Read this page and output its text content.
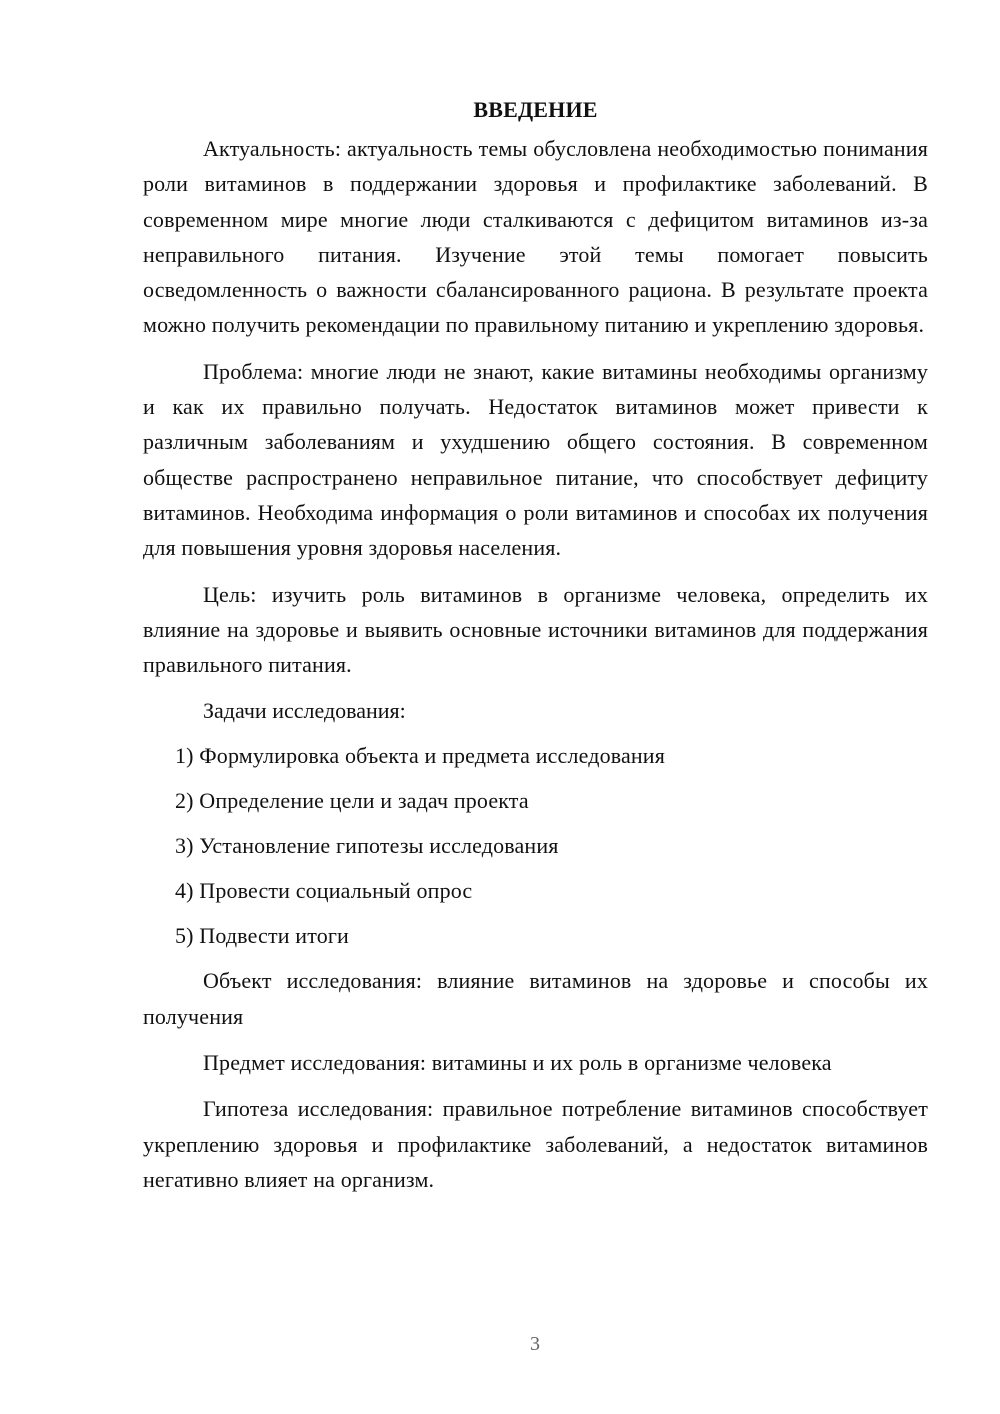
ВВЕДЕНИЕ

Актуальность: актуальность темы обусловлена необходимостью понимания роли витаминов в поддержании здоровья и профилактике заболеваний. В современном мире многие люди сталкиваются с дефицитом витаминов из-за неправильного питания. Изучение этой темы помогает повысить осведомленность о важности сбалансированного рациона. В результате проекта можно получить рекомендации по правильному питанию и укреплению здоровья.

Проблема: многие люди не знают, какие витамины необходимы организму и как их правильно получать. Недостаток витаминов может привести к различным заболеваниям и ухудшению общего состояния. В современном обществе распространено неправильное питание, что способствует дефициту витаминов. Необходима информация о роли витаминов и способах их получения для повышения уровня здоровья населения.

Цель: изучить роль витаминов в организме человека, определить их влияние на здоровье и выявить основные источники витаминов для поддержания правильного питания.

Задачи исследования:

1) Формулировка объекта и предмета исследования
2) Определение цели и задач проекта
3) Установление гипотезы исследования
4) Провести социальный опрос
5) Подвести итоги

Объект исследования: влияние витаминов на здоровье и способы их получения

Предмет исследования: витамины и их роль в организме человека

Гипотеза исследования: правильное потребление витаминов способствует укреплению здоровья и профилактике заболеваний, а недостаток витаминов негативно влияет на организм.

3
